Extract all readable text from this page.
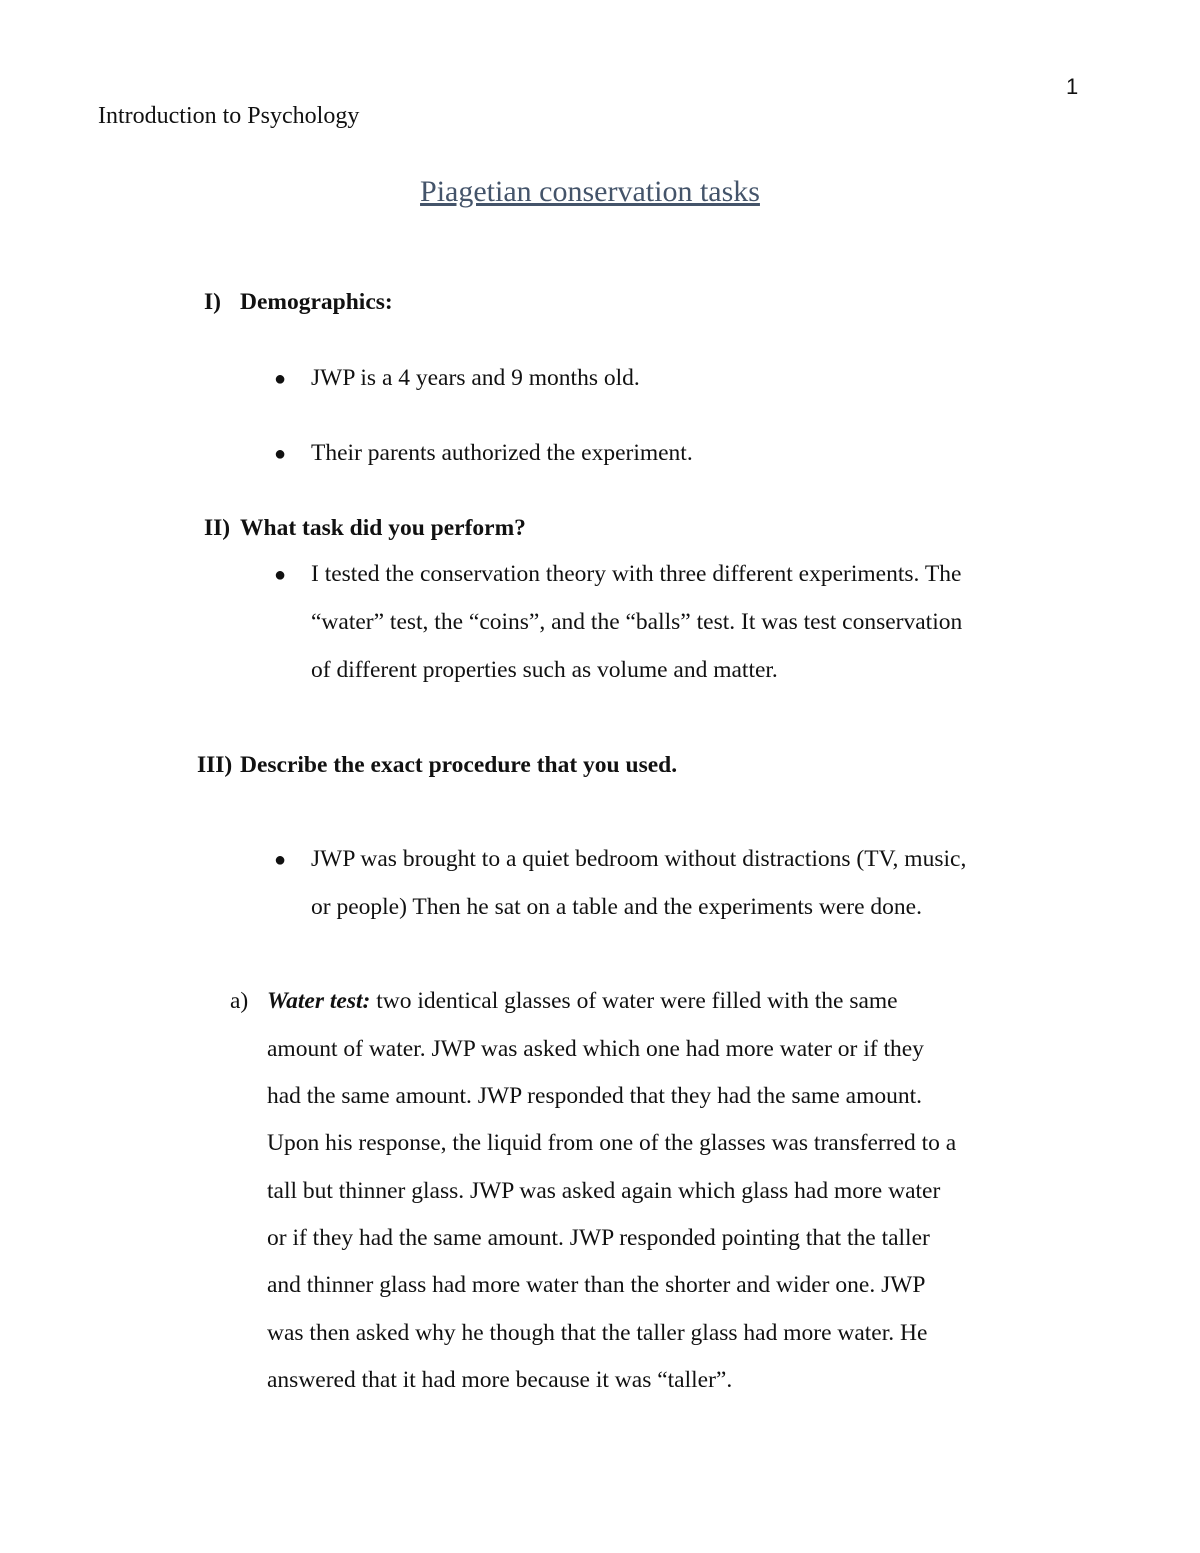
1
Introduction to Psychology
Piagetian conservation tasks
I) Demographics:
● JWP is a 4 years and 9 months old.
● Their parents authorized the experiment.
II) What task did you perform?
● I tested the conservation theory with three different experiments. The
“water” test, the “coins”, and the “balls” test. It was test conservation
of different properties such as volume and matter.
III) Describe the exact procedure that you used.
● JWP was brought to a quiet bedroom without distractions (TV, music,
or people) Then he sat on a table and the experiments were done.
a) Water test: two identical glasses of water were filled with the same
amount of water. JWP was asked which one had more water or if they
had the same amount. JWP responded that they had the same amount.
Upon his response, the liquid from one of the glasses was transferred to a
tall but thinner glass. JWP was asked again which glass had more water
or if they had the same amount. JWP responded pointing that the taller
and thinner glass had more water than the shorter and wider one. JWP
was then asked why he though that the taller glass had more water. He
answered that it had more because it was “taller”.
